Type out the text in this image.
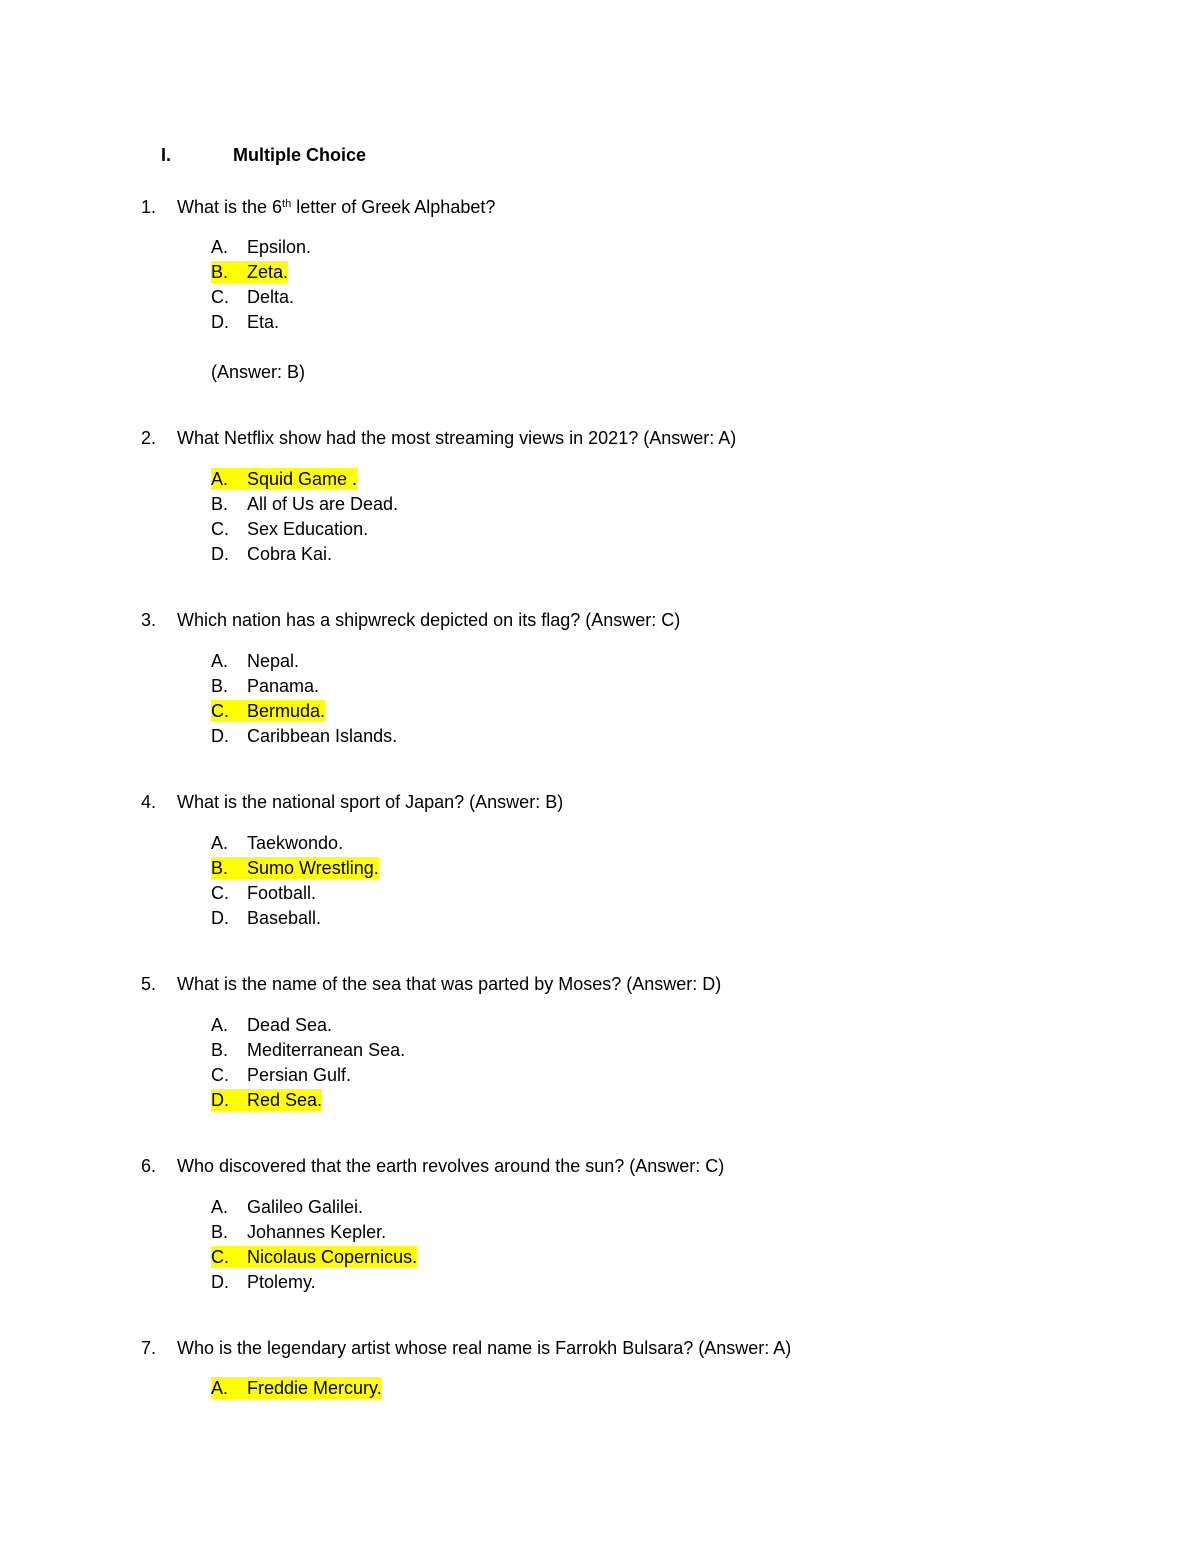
I.	Multiple Choice
1. What is the 6th letter of Greek Alphabet?
A. Epsilon.
B. Zeta.
C. Delta.
D. Eta.
(Answer: B)
2. What Netflix show had the most streaming views in 2021? (Answer: A)
A. Squid Game .
B. All of Us are Dead.
C. Sex Education.
D. Cobra Kai.
3. Which nation has a shipwreck depicted on its flag? (Answer: C)
A. Nepal.
B. Panama.
C. Bermuda.
D. Caribbean Islands.
4. What is the national sport of Japan? (Answer: B)
A. Taekwondo.
B. Sumo Wrestling.
C. Football.
D. Baseball.
5. What is the name of the sea that was parted by Moses? (Answer: D)
A. Dead Sea.
B. Mediterranean Sea.
C. Persian Gulf.
D. Red Sea.
6. Who discovered that the earth revolves around the sun? (Answer: C)
A. Galileo Galilei.
B. Johannes Kepler.
C. Nicolaus Copernicus.
D. Ptolemy.
7. Who is the legendary artist whose real name is Farrokh Bulsara? (Answer: A)
A. Freddie Mercury.
